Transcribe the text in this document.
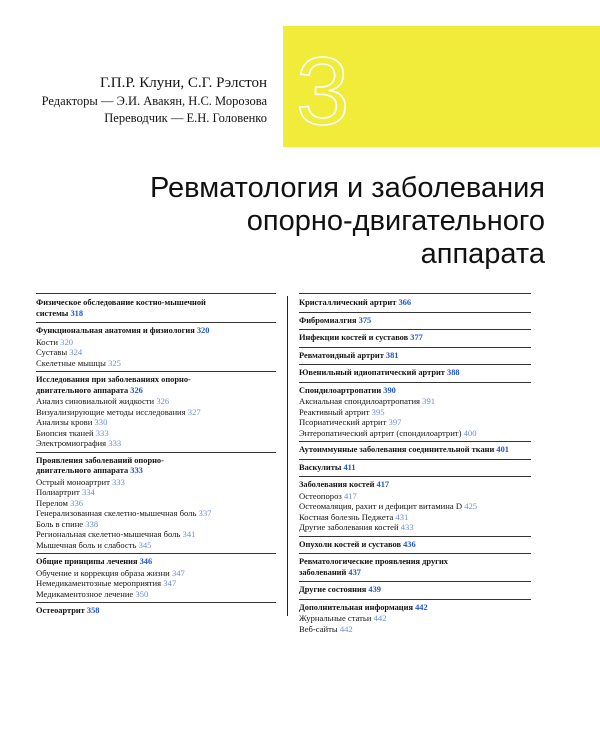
3
Г.П.Р. Клуни, С.Г. Рэлстон
Редакторы — Э.И. Авакян, Н.С. Морозова
Переводчик — Е.Н. Головенко
Ревматология и заболевания
опорно-двигательного
аппарата
Физическое обследование костно-мышечной
системы 318
Функциональная анатомия и физиология 320
Кости 320
Суставы 324
Скелетные мышцы 325
Исследования при заболеваниях опорно-
двигательного аппарата 326
Анализ синовиальной жидкости 326
Визуализирующие методы исследования 327
Анализы крови 330
Биопсия тканей 333
Электромиография 333
Проявления заболеваний опорно-
двигательного аппарата 333
Острый моноартрит 333
Полиартрит 334
Перелом 336
Генерализованная скелетно-мышечная боль 337
Боль в спине 338
Региональная скелетно-мышечная боль 341
Мышечная боль и слабость 345
Общие принципы лечения 346
Обучение и коррекция образа жизни 347
Немедикаментозные мероприятия 347
Медикаментозное лечение 350
Остеоартрит 358
Кристаллический артрит 366
Фибромиалгия 375
Инфекции костей и суставов 377
Ревматоидный артрит 381
Ювенильный идиопатический артрит 388
Спондилоартропатии 390
Аксиальная спондилоартропатия 391
Реактивный артрит 395
Псориатический артрит 397
Энтеропатический артрит (спондилоартрит) 400
Аутоиммунные заболевания соединительной ткани 401
Васкулиты 411
Заболевания костей 417
Остеопороз 417
Остеомаляция, рахит и дефицит витамина D 425
Костная болезнь Педжета 431
Другие заболевания костей 433
Опухоли костей и суставов 436
Ревматологические проявления других
заболеваний 437
Другие состояния 439
Дополнительная информация 442
Журнальные статьи 442
Веб-сайты 442
